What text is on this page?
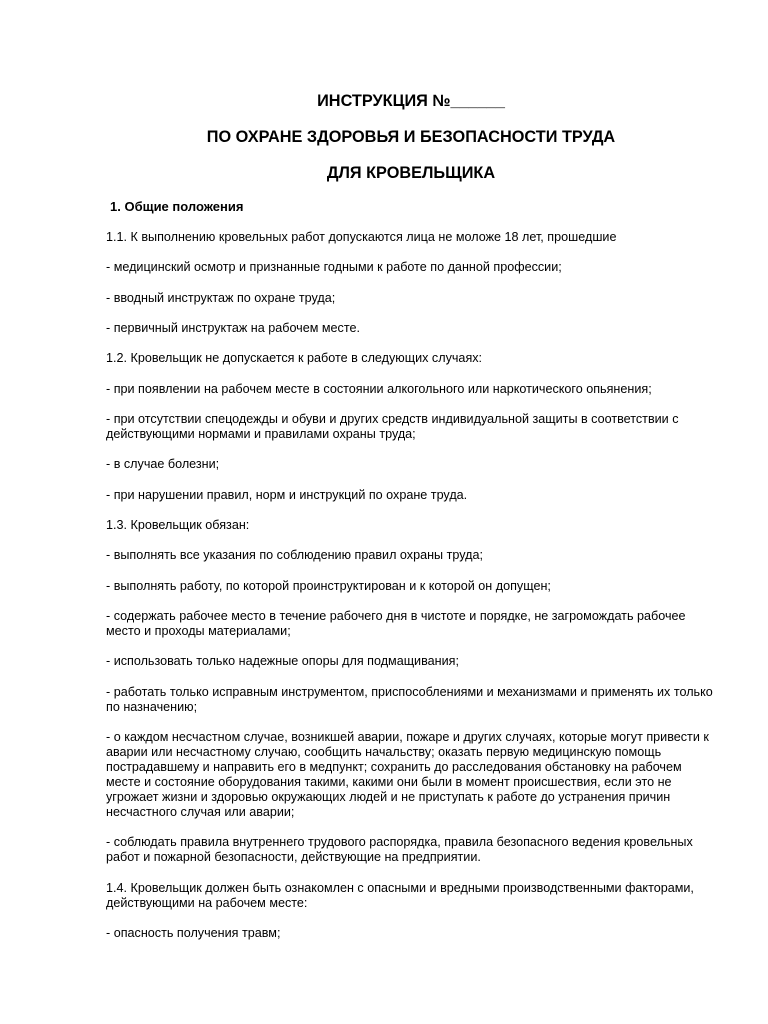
ИНСТРУКЦИЯ №______
ПО ОХРАНЕ ЗДОРОВЬЯ И БЕЗОПАСНОСТИ ТРУДА
ДЛЯ КРОВЕЛЬЩИКА
1. Общие положения

1.1. К выполнению кровельных работ допускаются лица не моложе 18 лет, прошедшие

- медицинский осмотр и признанные годными к работе по данной профессии;

- вводный инструктаж по охране труда;

- первичный инструктаж на рабочем месте.

1.2. Кровельщик не допускается к работе в следующих случаях:

- при появлении на рабочем месте в состоянии алкогольного или наркотического опьянения;

- при отсутствии спецодежды и обуви и других средств индивидуальной защиты в соответствии с действующими нормами и правилами охраны труда;

- в случае болезни;

- при нарушении правил, норм и инструкций по охране труда.

1.3. Кровельщик обязан:

- выполнять все указания по соблюдению правил охраны труда;

- выполнять работу, по которой проинструктирован и к которой он допущен;

- содержать рабочее место в течение рабочего дня в чистоте и порядке, не загромождать рабочее место и проходы материалами;

- использовать только надежные опоры для подмащивания;

- работать только исправным инструментом, приспособлениями и механизмами и применять их только по назначению;

- о каждом несчастном случае, возникшей аварии, пожаре и других случаях, которые могут привести к аварии или несчастному случаю, сообщить начальству; оказать первую медицинскую помощь пострадавшему и направить его в медпункт; сохранить до расследования обстановку на рабочем месте и состояние оборудования такими, какими они были в момент происшествия, если это не угрожает жизни и здоровью окружающих людей и не приступать к работе до устранения причин несчастного случая или аварии;

- соблюдать правила внутреннего трудового распорядка, правила безопасного ведения кровельных работ и пожарной безопасности, действующие на предприятии.

1.4. Кровельщик должен быть ознакомлен с опасными и вредными производственными факторами, действующими на рабочем месте:

- опасность получения травм;
